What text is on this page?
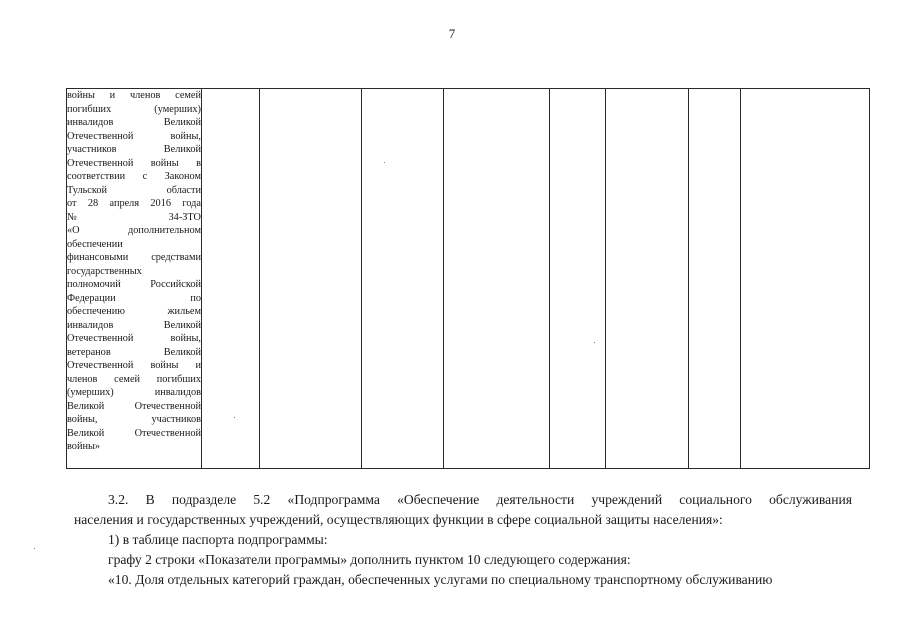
7
войны и членов семей
погибших (умерших)
инвалидов Великой
Отечественной войны,
участников Великой
Отечественной войны в
соответствии с Законом
Тульской области
от 28 апреля 2016 года
№ 34-ЗТО
«О дополнительном
обеспечении
финансовыми средствами
государственных
полномочий Российской
Федерации по
обеспечению жильем
инвалидов Великой
Отечественной войны,
ветеранов Великой
Отечественной войны и
членов семей погибших
(умерших) инвалидов
Великой Отечественной
войны, участников
Великой Отечественной
войны»

3.2. В подразделе 5.2 «Подпрограмма «Обеспечение деятельности учреждений социального обслуживания
населения и государственных учреждений, осуществляющих функции в сфере социальной защиты населения»:
1) в таблице паспорта подпрограммы:
графу 2 строки «Показатели программы» дополнить пунктом 10 следующего содержания:
«10. Доля отдельных категорий граждан, обеспеченных услугами по специальному транспортному обслуживанию
